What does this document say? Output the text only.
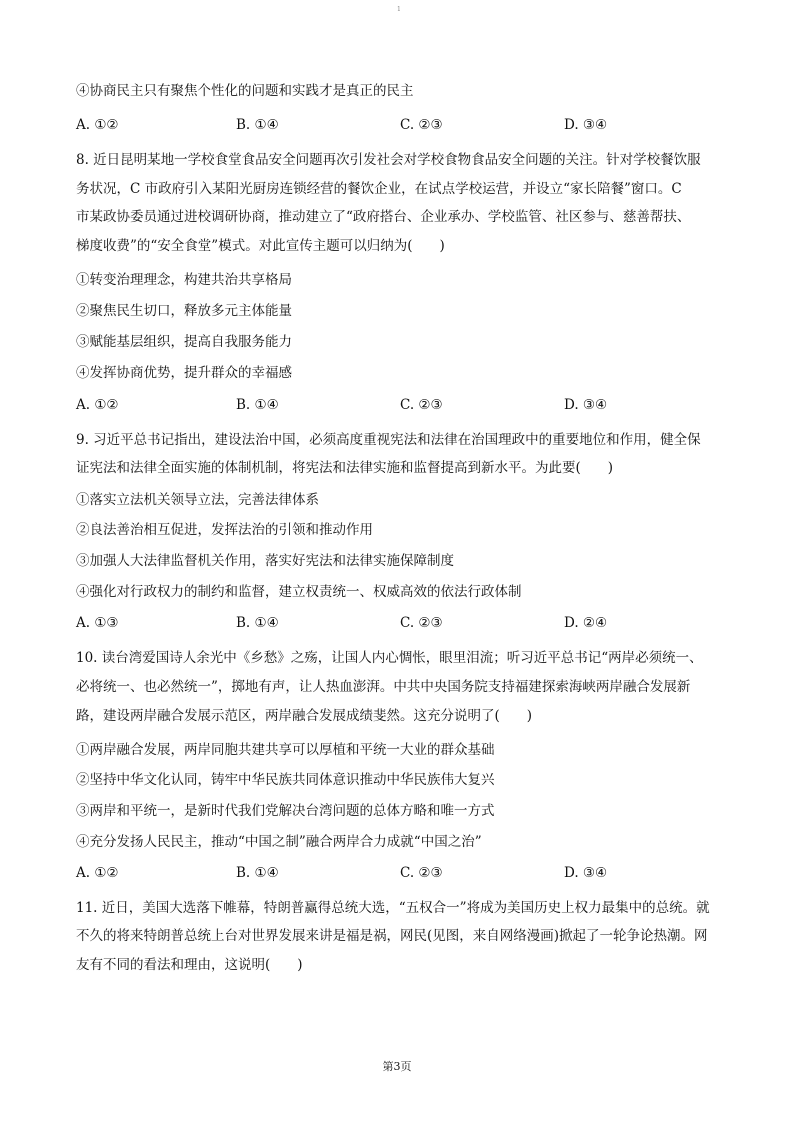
1
④协商民主只有聚焦个性化的问题和实践才是真正的民主
A. ①②	B. ①④	C. ②③	D. ③④
8. 近日昆明某地一学校食堂食品安全问题再次引发社会对学校食物食品安全问题的关注。针对学校餐饮服
务状况，C 市政府引入某阳光厨房连锁经营的餐饮企业，在试点学校运营，并设立“家长陪餐”窗口。C
市某政协委员通过进校调研协商，推动建立了“政府搭台、企业承办、学校监管、社区参与、慈善帮扶、
梯度收费”的“安全食堂”模式。对此宣传主题可以归纳为(　　)
①转变治理理念，构建共治共享格局
②聚焦民生切口，释放多元主体能量
③赋能基层组织，提高自我服务能力
④发挥协商优势，提升群众的幸福感
A. ①②	B. ①④	C. ②③	D. ③④
9. 习近平总书记指出，建设法治中国，必须高度重视宪法和法律在治国理政中的重要地位和作用，健全保
证宪法和法律全面实施的体制机制，将宪法和法律实施和监督提高到新水平。为此要(　　)
①落实立法机关领导立法，完善法律体系
②良法善治相互促进，发挥法治的引领和推动作用
③加强人大法律监督机关作用，落实好宪法和法律实施保障制度
④强化对行政权力的制约和监督，建立权责统一、权威高效的依法行政体制
A. ①③	B. ①④	C. ②③	D. ②④
10. 读台湾爱国诗人余光中《乡愁》之殇，让国人内心惆怅，眼里泪流；听习近平总书记“两岸必须统一、
必将统一、也必然统一”，掷地有声，让人热血澎湃。中共中央国务院支持福建探索海峡两岸融合发展新
路，建设两岸融合发展示范区，两岸融合发展成绩斐然。这充分说明了(　　)
①两岸融合发展，两岸同胞共建共享可以厚植和平统一大业的群众基础
②坚持中华文化认同，铸牢中华民族共同体意识推动中华民族伟大复兴
③两岸和平统一，是新时代我们党解决台湾问题的总体方略和唯一方式
④充分发扬人民民主，推动“中国之制”融合两岸合力成就“中国之治”
A. ①②	B. ①④	C. ②③	D. ③④
11. 近日，美国大选落下帷幕，特朗普赢得总统大选，“五权合一”将成为美国历史上权力最集中的总统。就
不久的将来特朗普总统上台对世界发展来讲是福是祸，网民(见图，来自网络漫画)掀起了一轮争论热潮。网
友有不同的看法和理由，这说明(　　)
第3页
